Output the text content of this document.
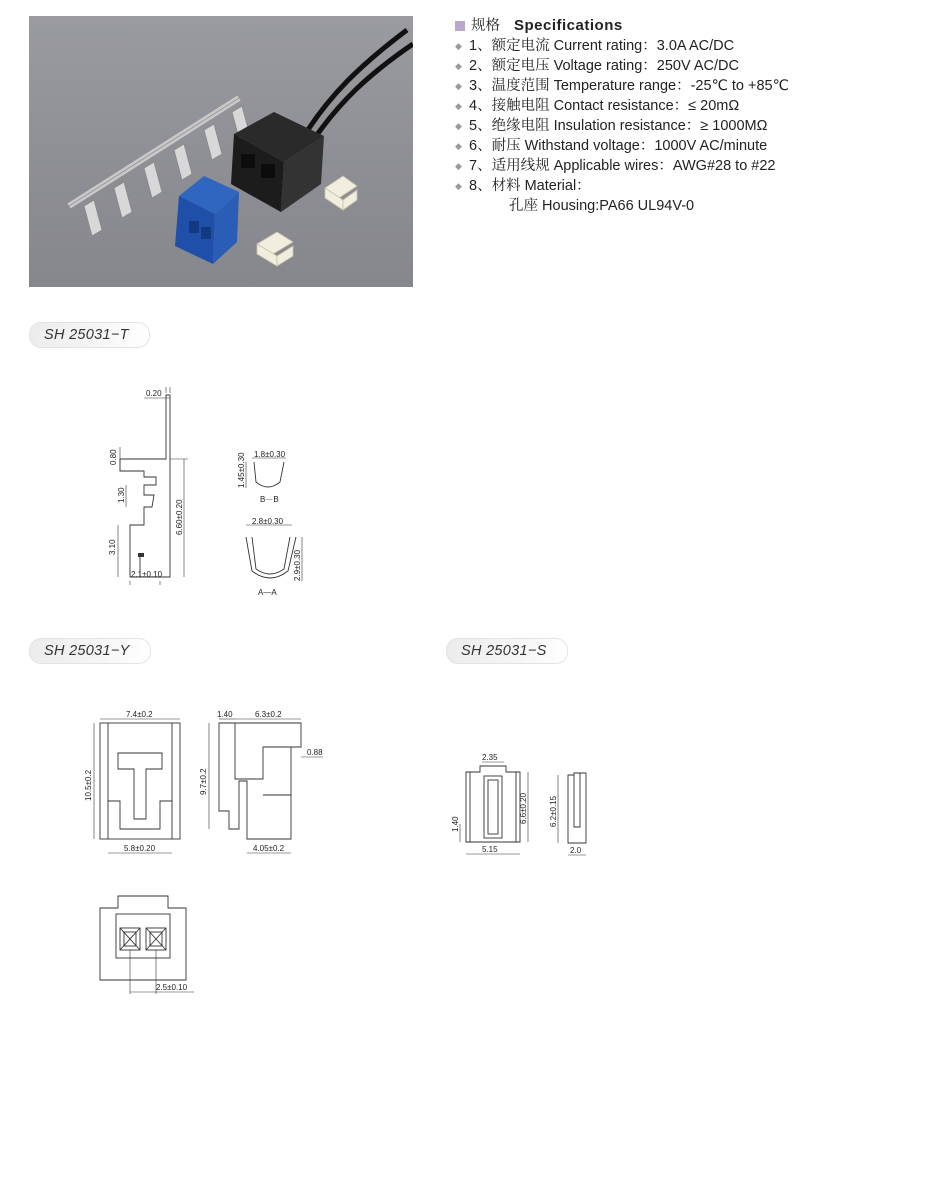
规格 Specifications
◆ 1、额定电流 Current rating：3.0A AC/DC
◆ 2、额定电压 Voltage rating：250V AC/DC
◆ 3、温度范围 Temperature range：-25℃ to +85℃
◆ 4、接触电阻 Contact resistance：≤ 20mΩ
◆ 5、绝缘电阻 Insulation resistance：≥ 1000MΩ
◆ 6、耐压 Withstand voltage：1000V AC/minute
◆ 7、适用线规 Applicable wires：AWG#28 to #22
◆ 8、材料 Material：
孔座 Housing:PA66 UL94V-0
SH 25031−T
SH 25031−Y	SH 25031−S
0.20
0.80
1.30
3.10
6.60±0.20
2.1±0.10
1.8±0.30
1.45±0.30
B－B
2.8±0.30
2.9±0.30
A—A
7.4±0.2
10.5±0.2
5.8±0.20
1.40	6.3±0.2
0.88
9.7±0.2
4.05±0.2
2.5±0.10
2.35
1.40
6.6±0.20
5.15
6.2±0.15
2.0
